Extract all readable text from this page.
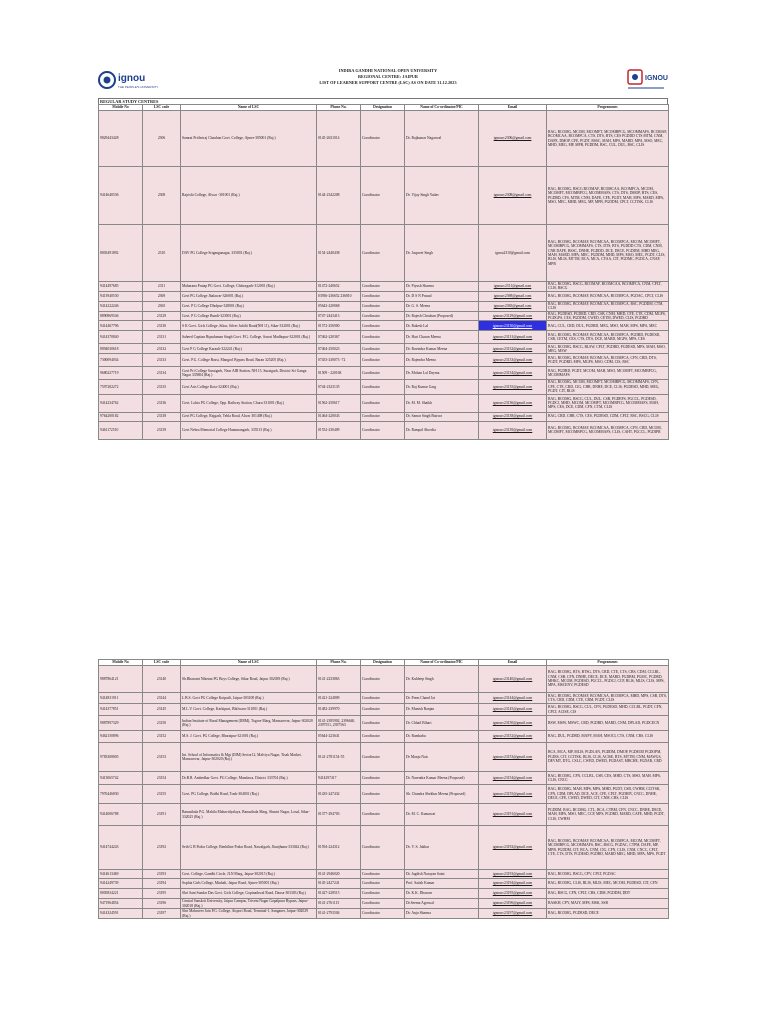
ignou
THE PEOPLE'S UNIVERSITY
INDIRA GANDHI NATIONAL OPEN UNIVERSITY
REGIONAL CENTRE: JAIPUR
LIST OF LEARNER SUPPORT CENTRE (LSC) AS ON DATE 31.12.2023
IGNOU
REGULAR STUDY CENTRES
Mobile No	LSC code	Name of LSC	Phone No.	Designation	Name of Co-ordinator/PIC	Email	Programmes
9829443428	2306	Samrat Prithviraj Chauhan Govt. College, Ajmer-305001 (Raj.)	0145-2631014	Coordinator	Dr. Rajkumar Nagarwal	ignourc2306@gmail.com	BAG, BCOMG, MCOM, MCOMFT, MCOMBPCG, MCOMMAFS, BCOMAF, BCOMCAA, BCOMFCA, CTS, DTS, BTS, CES PGDDD CTS MTM, CNM, DAFE, DMOP, CFE, PGDT, BSSC, MAH, MPS, MARD, MPA, MSO, MEC, MHD, MEG, MP, MPB, PGDDM, BSC, CUL, DUL, BSC, CLIS
9414640536	2308	Rajrishi College, Alwar -301001 (Raj.)	0144-2342208	Coordinator	Dr. Vijay Singh Yadav	ignourc2308@gmail.com	BAG, BCOMG, BSCG BCOMAF, BCOMCAA, BCOMFCA, MCOM, MCOMFT, MCOMBPCG, MCOMMAFS, CTS, DTS, DMOP, BTS, CES, PGDBD, CFS, MTM, CNM, DAFE, CFE, PGDT, MAH, MPS, MARD, MPA, MSO, MEC, MHD, MEG, MP, MPB, PGDDM, CPLT, CCITSK, CLIS
8003491892	2310	DAV PG College Sriganganagar, 335001 (Raj.)	0154-2440438	Coordinator	Dr. Jaspreet Singh	ignou2310@gmail.com	BAG, BCOMG, BCOMAF, BCOMCAA, BCOMFCA, MCOM, MCOMFT, MCOMBPCG, MCOMMAFS, CTS, DTS, BTS, PGDDD CTS, CDM, CNM, CNR DAFE, BSSC, DNHE, PGDDD, DCE, DECE, PGDDM, MHD MEG, MAH, MARD, MPA, MEC, PGDDM, MHD, MPS, MSO, MEC, PGDT, CLIS, BLIS, MLIS, MTTM, BCA, MCA, CYAA, CIT, PGDMC, PGDCA, CNAP, MPB
9414497685	2311	Maharana Pratap PG Govt. College, Chittorgarh-312001 (Raj.)	01472-240652	Coordinator	Dr. Piyush Sharma	ignourc2311@gmail.com	BAG, BCOMG, BSCG, BCOMAF, BCOMCAA, BCOMFCA, CNM, CPLT, CLIS, BSCG
9413940530	2369	Govt PG College Jhalawar-326001 (Raj.)	03936-236652 236810	Coordinator	Dr. D S N Prasad	ignourc2369@gmail.com	BAG, BCOMG, BCOMAF, BCOMCAA, BCOMFCA, PGDAC, CPLT, CLIS
9414222246	2365	Govt. P G College Dholpur-328001 (Raj.)	05642-220068	Coordinator	Dr. G. S. Meena	ignourc2365@gmail.com	BAG, BCOMG, BCOMAF, BCOMCAA, BCOMFCA, BSC, PGDDM, CTM, CLIS
8890869546	23129	Govt. P G College Bundi-323001 (Raj.)	0747-2443413	Coordinator	Dr. Rajesh Chouhan (Proposed)	ignourc23129@gmail.com	BAG, PGDESD, PGDRD, CRD, CSB, CNM, MHD, CFE, CTE, CDM, MGPS, PGDGPS, CES, PGDDM, CWED, CETM, DWED, CLIS, PGDBD
9414467796	23130	S K Govt. Girls College ,Sikar, Silver Jubilii Road(NH 11), Sikar-332001 (Raj.)	01572-256900	Coordinator	Dr. Rakesh Lal	ignourc23130@gmail.com	BAG, CUL, CRD, DUL, PGDRD, MEG, MSO, MAH, MPS, MPA, MEC
9414370840	23131	Saheed Captian Ripudaman Singh Govt. P.G. College, Sawai Madhopur-322001 (Raj.)	07462-220367	Coordinator	Dr. Hari Charan Meena	ignourc23131@gmail.com	BAG, BCOMG, BCOMAF, BCOMCAA, BCOMFCA, PGDRD, PGDESD, CSB, CETM, CES, CTS, DTS, DCE, MARD, MGPS, MPS, CES
8094030618	23132	Govt P G College Karauli-322241 (Raj.)	07464-250023	Coordinator	Dr. Ravindra Kumar Meena	ignourc23132@gmail.com	BAG, BCOMG, BSCG, BLSW, CPLT, PGDRD, PGDESD, MPS, MAH, MSO, MEG, MSW
7300094034	23133	Govt. P.G. College Bassi, Mangrol Bypass Road, Baran 325205 (Raj.)	07453-230073 -72	Coordinator	Dr. Rajendra Meena	ignourc23133@gmail.com	BAG, BCOMG, BCOMAF, BCOMCAA, BCOMFCA, CFN, CRD, DTS, PGDT, PGDRD, MPS, MGPS, MSO, CDM, CIS, BSC
9680227719	23134	Govt Pri College Suratgarh, Near AIR Station, NH 15, Suratgarh, District Sri Ganga Nagar 335804 (Raj.)	01509 - 220168	Coordinator	Dr. Mohan Lal Dayma	ignourc23134@gmail.com	BAG, PGDRD, PGDT, MCOM, MAH, MSO, MCOMFT, MCOMBPCG, MCOMMAFS
7597282272	23135	Govt Arts College Kota-324001 (Raj.)	0744-2323135	Coordinator	Dr. Raj Kumar Garg	ignourc23135@gmail.com	BAG, BCOMG, MCOM, MCOMFT, MCOMBPCG, MCOMMAFS, CFN, CFE, CTE, CRD, CIG, CHR, DNHE, DCE, CLIS, PGDESD, MHD, MEG, PGDT, CIT, BLIS
9414234762	23136	Govt. Lohia PG College, Opp. Railway Station, Churu 331001 (Raj.)	01562-250617	Coordinator	Dr. M. M. Shaikh	ignourc23136@gmail.com	BAG, BCOMG, BSCG, CUL, DUL, CSB, PGDEPS, PGCCL, PGDESD, PGDCJ, MHD, MCOM, MCOMFT, MCOMBPCG, MCOMMAFS, MAH, MPS, CES, DCE, CDM, CFN, CTM, CLIS
9764200182	23138	Govt PG College, Rajgarh, Tehla Road, Alwar 301408 (Raj.)	01464-220043	Coordinator	Dr. Samar Singh Bairwa	ignourc23138@gmail.com	BAG, CRD, CHR, CTS, CES, PGDESD, CDM, CPLT, BSC, BSCG, CLIS
9461172510	23139	Govt Nehru Memorial College Hanumangarh, 335513 (Raj.)	01552-230409	Coordinator	Dr. Rampal Ahrodia	ignourc23139@gmail.com	BAG, BCOMG, BCOMAF, BCOMCAA, BCOMFCA, CFN, CRD, MCOM, MCOMFT, MCOMBPCG, MCOMMAFS, CLIS, CAHT, PGCCL, PGDIPR
Mobile No	LSC code	Name of LSC	Phone No.	Designation	Name of Co-ordinator/PIC	Email	Programmes
9887864121	23140	Sh.Bhawani Niketan PG Boys College, Sikar Road, Jaipur 302039 (Raj.)	0141-2233863	Coordinator	Dr. Kuldeep Singh	ignourc23140@gmail.com	BAG, BCOMG, BTS, BTSG, DTS, CRD, CTE, CTS, CBS, CDM, CCLBL, CNM, CSB, CFN, DNHE, DECE, DCE, MARD, PGDBM, PGMC, PGDRD, MHKC, MCOM, PGDESD, PGCCL, PGDCJ, CCP, BLIS, MLIS, CLIS, MPS, MPA, MSCENV, PGDESD
9414831911	23144	L.B.S. Govt PG College Kotputli, Jaipur-303108 (Raj.)	01421-224809	Coordinator	Dr. Prem Chand Jat	ignourc23144@gmail.com	BAG, BCOMG, BCOMAF, BCOMCAA, BCOMFCA, MHD, MPS, CSB, DTS, CTS, CRD, CDM, CTE, CBM, PGDT, CLIS
9414377851	23145	M.L.V. Govt. College, Karkipuri, Bhilwara-311001 (Raj.)	01482-239970	Coordinator	Dr. Munish Ranjan	ignourc23145@gmail.com	BAG, BCOMG, BSCG, CUL, CFN, PGDESD, MHD, CCLBL, PGDT, CFN, CPLT, ACISE, CIS
9887897329	23150	Indian Institute of Rural Management (IIRM), Togore Marg, Mansarovar, Jaipur-302020 (Raj.)	0141-2395902, 2396640, 2397551, 2397563	Coordinator	Dr. Chhail Bihari	ignourc23150@gmail.com	BSW, MSW, MSWC, CRD, PGDRD, MARD, CNM, DPLAD, PGDCECN
9462150896	23152	M.S. J. Govt. PG College, Bharatpur-321001 (Raj.)	05644-223641	Coordinator	Dr. Rambabu	ignourc23152@gmail.com	BAG, DUL, PGDBD, MAPY, MAH, MSOCI, CTS, CNM, CRS, CLIS
9783308005	23153	Int. School of Informatics & Mgt (IIIM) Sector12, Malviya Nagar, Tisak Market, Mansarovar, Jaipur-302020 (Raj.)	0141-2781154-55	Coordinator	Dr Manju Nair	ignourc23153@gmail.com	BCA, MCA, MP, MLIS, PGDLAN, PGDDM, DMOP, PGDEOD PGDOPM, PGDIS, CIT, CCITSK, BLIS, CLIS, ACISE, BTS, MTTM, CNM, MAWGS, DEVMT, DTG, CSLC, CWED, DWED, PGDAST, MBCHE, PGDAR, CRD
9413065742	23154	Dr.B.R. Ambedkar Govt. PG College, Mandawa, District 333704 (Raj.)	9414297417	Coordinator	Dr. Narendra Kumar Meena (Proposed)	ignourc23154@gmail.com	BAG, BCOMG, CFN, CCLBL, CSB, CES, MHD, CTS, MSO, MAH, MPS, CLIS, CNCC
7976446830	23155	Govt. PG College, Bodhi Road, Tonk-304001 (Raj.)	01435-247432	Coordinator	Sh. Chandra Shekhar Meena (Proposed)	ignourc23155@gmail.com	BAG, BCOMG, MAH, MPS, MPA, MHD, PGDT, CSB, CWHM, CCITSK, CFN, CDM, DPLAD, DCE, ACE, CFE, CPLT, PGDHIV, CNCC, DNHE, DECE, CFE, CWED, DWED, CIT, CNM, CBS, CLIS
9414006788	23191	Banasthala P.G. Mahila Mahavidyalaya, Banasthala Marg, Shastri Nagar, Losal, Sikar-332025 (Raj.)	01377-294703	Coordinator	Dr. M. C. Kumawat	ignourc23191@gmail.com	PGDDM, BAG, BCOMG, CTL, BCA, CTBM, CFN, CNCC, DNHE, DECE, MAH, MPA, MSO, MEC, CCP, MPS, PGDRD, MARD, CAFE, MHD, PGDT, CLIS, CWHM
9414744243	23192	Seth G B Podar College, Benhiline Podar Road, Nawalgarh, Jhunjhunu-333042 (Raj.)	01594-224312	Coordinator	Dr. V. S. Jakhar	ignourc23192@gmail.com	BAG, BCOMG, BCOMAF, BCOMCAA, BCOMFCA, MCOM, MCOMFT, MCOMBPCG, MCOMMAFS, BSC, BSCG, PGDAC, CTPM, DAFE, MP, MPB, PGDDM, CIT, BCA, CNM, CIG, CFN, CLIS, CNM, CNCC, CPLT, CTE, CTS, DTS, PGDESD, PGDRD, MARD MEG, MHD, MPA, MPS, PGDT
9414613469	23193	Govt. College, Gandhi Circle, JLN Marg, Jaipur-302015 (Raj.)	0141-2946020	Coordinator	Dr. Jagdish Narayan Saini	ignourc23193@gmail.com	BAG, BCOMG, BSCG, CPV, CPLT, PGDAC
9414249739	23194	Sophia Girls College, Minhalt, Jaipur Road, Ajmer-305001 (Raj.)	0145-2427241	Coordinator	Prof. Satish Kumar	ignourc23194@gmail.com	BAG, BCOMG, CLIS, BLIS, MLIS, MEC, MCOM, PGDESD, CIT, CFN
8005834221	23195	Shri Sant Sundar Das Govt. Girls College, Gopinathwal Road, Dausa-303303 (Raj.)	01427-228515	Coordinator	Dr. K.K. Dhawan	ignourc23195@gmail.com	BAG, BSCG, CFN, CPLT, CBS, CDM, PGDDM, DDT
9471964854	23196	Central Sanskrit University, Jaipur Campus, Triveni Nagar Gopalpura Bypass, Jaipur-302018 (Raj.)	0141-2761115	Coordinator	Dr.Seema Agrawal	ignourc23196@gmail.com	BASKH, CPY, MAJY, MPS, MSK, SSB
9414324591	23197	Shri Mahaveer Jain P.G. College, Airport Road, Terminal-1, Sanganer, Jaipur-302029 (Raj.)	0141-2793504	Coordinator	Dr. Anju Sharma	ignourc23197@gmail.com	BAG, BCOMG, PGDESD, DECE
